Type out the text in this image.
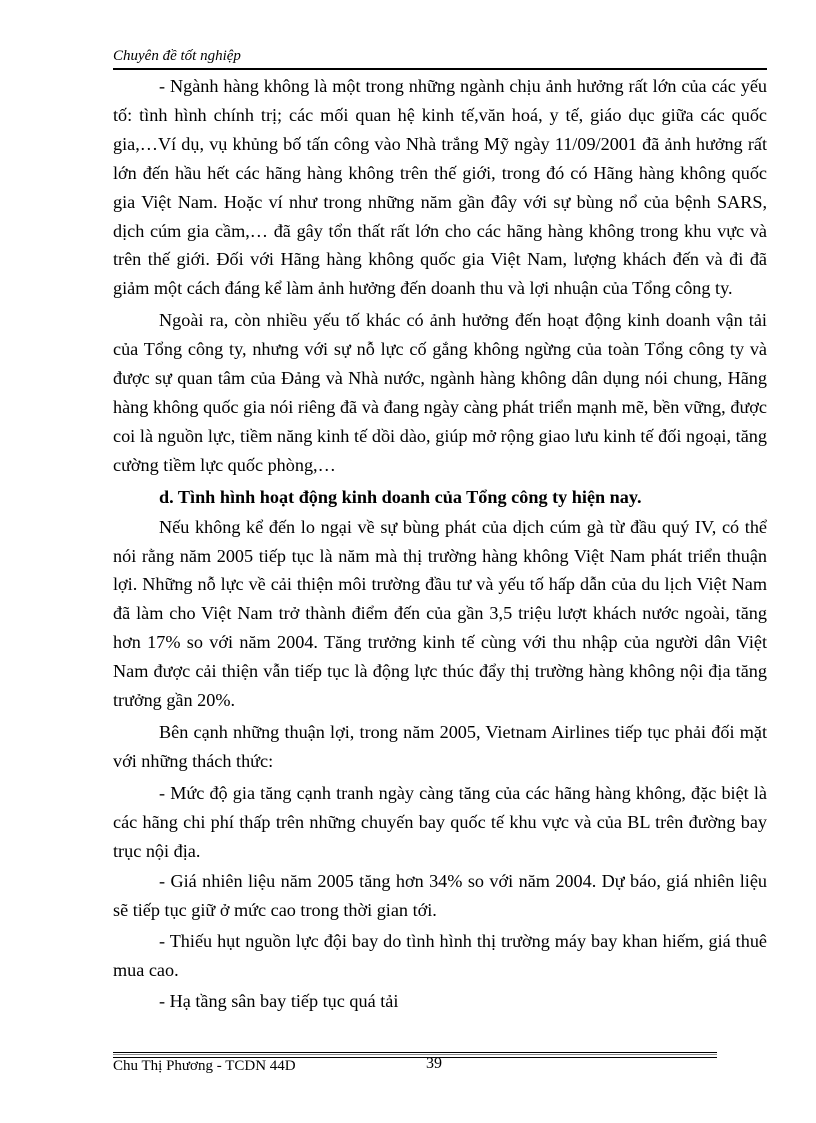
Chuyên đề tốt nghiệp

- Ngành hàng không là một trong những ngành chịu ảnh hưởng rất lớn của các yếu tố: tình hình chính trị; các mối quan hệ kinh tế,văn hoá, y tế, giáo dục giữa các quốc gia,…Ví dụ, vụ khủng bố tấn công vào Nhà trắng Mỹ ngày 11/09/2001 đã ảnh hưởng rất lớn đến hầu hết các hãng hàng không trên thế giới, trong đó có Hãng hàng không quốc gia Việt Nam. Hoặc ví như trong những năm gần đây với sự bùng nổ của bệnh SARS, dịch cúm gia cầm,… đã gây tổn thất rất lớn cho các hãng hàng không trong khu vực và trên thế giới. Đối với Hãng hàng không quốc gia Việt Nam, lượng khách đến và đi đã giảm một cách đáng kể làm ảnh hưởng đến doanh thu và lợi nhuận của Tổng công ty.

Ngoài ra, còn nhiều yếu tố khác có ảnh hưởng đến hoạt động kinh doanh vận tải của Tổng công ty, nhưng với sự nỗ lực cố gắng không ngừng của toàn Tổng công ty và được sự quan tâm của Đảng và Nhà nước, ngành hàng không dân dụng nói chung, Hãng hàng không quốc gia nói riêng đã và đang ngày càng phát triển mạnh mẽ, bền vững, được coi là nguồn lực, tiềm năng kinh tế dồi dào, giúp mở rộng giao lưu kinh tế đối ngoại, tăng cường tiềm lực quốc phòng,…

d. Tình hình hoạt động kinh doanh của Tổng công ty hiện nay.

Nếu không kể đến lo ngại về sự bùng phát của dịch cúm gà từ đầu quý IV, có thể nói rằng năm 2005 tiếp tục là năm mà thị trường hàng không Việt Nam phát triển thuận lợi. Những nỗ lực về cải thiện môi trường đầu tư và yếu tố hấp dẫn của du lịch Việt Nam đã làm cho Việt Nam trở thành điểm đến của gần 3,5 triệu lượt khách nước ngoài, tăng hơn 17% so với năm 2004. Tăng trưởng kinh tế cùng với thu nhập của người dân Việt Nam được cải thiện vẫn tiếp tục là động lực thúc đẩy thị trường hàng không nội địa tăng trưởng gần 20%.

Bên cạnh những thuận lợi, trong năm 2005, Vietnam Airlines tiếp tục phải đối mặt với những thách thức:

- Mức độ gia tăng cạnh tranh ngày càng tăng của các hãng hàng không, đặc biệt là các hãng chi phí thấp trên những chuyến bay quốc tế khu vực và của BL trên đường bay trục nội địa.

- Giá nhiên liệu năm 2005 tăng hơn 34% so với năm 2004. Dự báo, giá nhiên liệu sẽ tiếp tục giữ ở mức cao trong thời gian tới.

- Thiếu hụt nguồn lực đội bay do tình hình thị trường máy bay khan hiếm, giá thuê mua cao.

- Hạ tầng sân bay tiếp tục quá tải

Chu Thị Phương - TCDN 44D	39
